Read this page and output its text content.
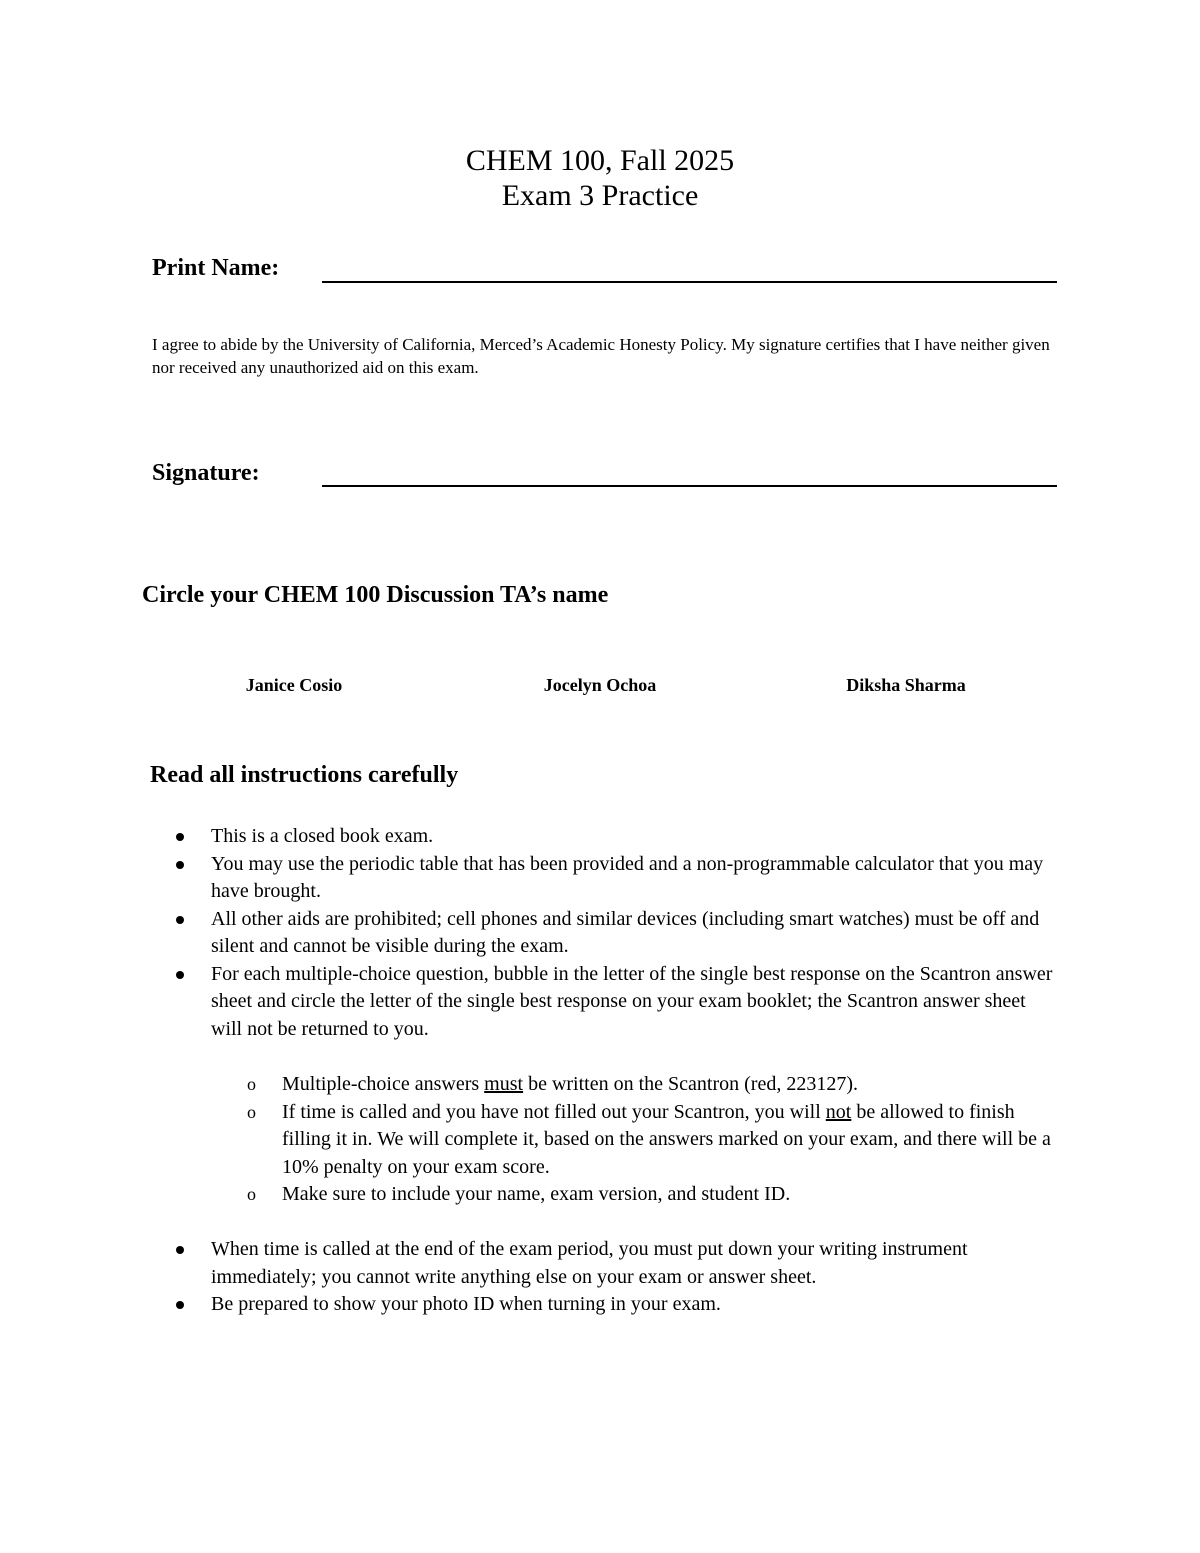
CHEM 100, Fall 2025
Exam 3 Practice
Print Name:
I agree to abide by the University of California, Merced’s Academic Honesty Policy. My signature certifies that I have neither given nor received any unauthorized aid on this exam.
Signature:
Circle your CHEM 100 Discussion TA’s name
Janice Cosio	Jocelyn Ochoa	Diksha Sharma
Read all instructions carefully
This is a closed book exam.
You may use the periodic table that has been provided and a non-programmable calculator that you may have brought.
All other aids are prohibited; cell phones and similar devices (including smart watches) must be off and silent and cannot be visible during the exam.
For each multiple-choice question, bubble in the letter of the single best response on the Scantron answer sheet and circle the letter of the single best response on your exam booklet; the Scantron answer sheet will not be returned to you.
o Multiple-choice answers must be written on the Scantron (red, 223127).
o If time is called and you have not filled out your Scantron, you will not be allowed to finish filling it in. We will complete it, based on the answers marked on your exam, and there will be a 10% penalty on your exam score.
o Make sure to include your name, exam version, and student ID.
When time is called at the end of the exam period, you must put down your writing instrument immediately; you cannot write anything else on your exam or answer sheet.
Be prepared to show your photo ID when turning in your exam.
